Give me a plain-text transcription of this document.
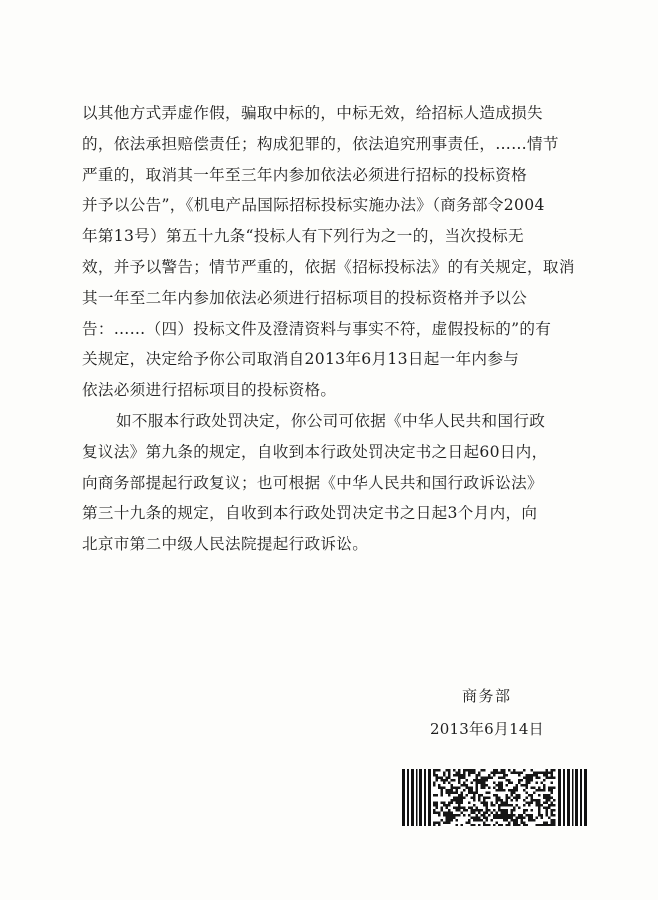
以其他方式弄虚作假，骗取中标的，中标无效，给招标人造成损失
的，依法承担赔偿责任；构成犯罪的，依法追究刑事责任，……情节
严重的，取消其一年至三年内参加依法必须进行招标的投标资格
并予以公告”，《机电产品国际招标投标实施办法》（商务部令2004
年第13号）第五十九条“投标人有下列行为之一的，当次投标无
效，并予以警告；情节严重的，依据《招标投标法》的有关规定，取消
其一年至二年内参加依法必须进行招标项目的投标资格并予以公
告：……（四）投标文件及澄清资料与事实不符，虚假投标的”的有
关规定，决定给予你公司取消自2013年6月13日起一年内参与
依法必须进行招标项目的投标资格。
如不服本行政处罚决定，你公司可依据《中华人民共和国行政
复议法》第九条的规定，自收到本行政处罚决定书之日起60日内，
向商务部提起行政复议；也可根据《中华人民共和国行政诉讼法》
第三十九条的规定，自收到本行政处罚决定书之日起3个月内，向
北京市第二中级人民法院提起行政诉讼。
商务部
2013年6月14日
